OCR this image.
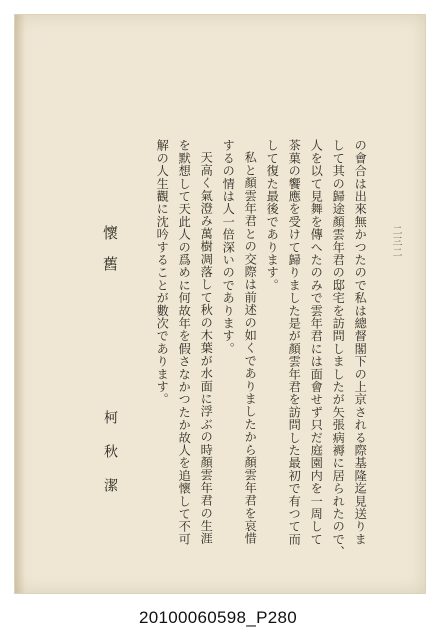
二三二
の會合は出來無かつたので私は總督閣下の上京される際基隆迄見送りま
して其の歸途顏雲年君の邸宅を訪問しましたが矢張病褥に居られたので、
人を以て見舞を傳へたのみで雲年君には面會せず只だ庭園内を一周して
茶菓の饗應を受けて歸りました是が顏雲年君を訪問した最初で有つて而
して復た最後であります。
私と顏雲年君との交際は前述の如くでありましたから顏雲年君を哀惜
するの情は人一倍深いのであります。
天高く氣澄み萬樹凋落して秋の木葉が水面に浮ぶの時顏雲年君の生涯
を默想して天此人の爲めに何故年を假さなかつたか故人を追懷して不可
解の人生觀に沈吟することが數次であります。
懷舊
柯秋潔
20100060598_P280
